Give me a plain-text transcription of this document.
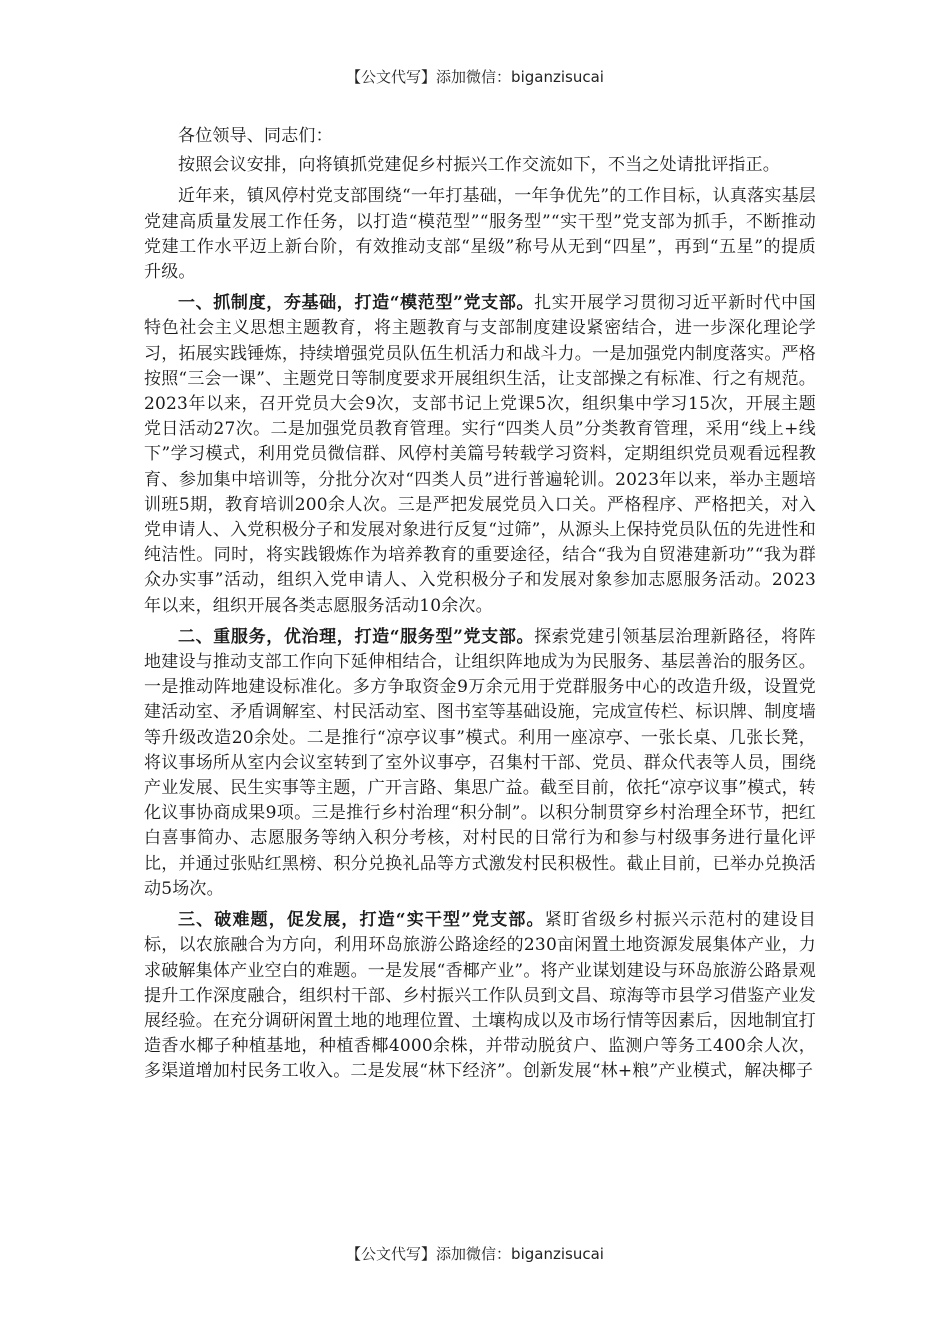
【公文代写】添加微信：biganzisucai

各位领导、同志们：

按照会议安排，向将镇抓党建促乡村振兴工作交流如下，不当之处请批评指正。

近年来，镇风停村党支部围绕“一年打基础，一年争优先”的工作目标，认真落实基层党建高质量发展工作任务，以打造“模范型”“服务型”“实干型”党支部为抓手，不断推动党建工作水平迈上新台阶，有效推动支部“星级”称号从无到“四星”，再到“五星”的提质升级。

一、抓制度，夯基础，打造“模范型”党支部。扎实开展学习贯彻习近平新时代中国特色社会主义思想主题教育，将主题教育与支部制度建设紧密结合，进一步深化理论学习，拓展实践锤炼，持续增强党员队伍生机活力和战斗力。一是加强党内制度落实。严格按照“三会一课”、主题党日等制度要求开展组织生活，让支部操之有标准、行之有规范。2023年以来，召开党员大会9次，支部书记上党课5次，组织集中学习15次，开展主题党日活动27次。二是加强党员教育管理。实行“四类人员”分类教育管理，采用“线上+线下”学习模式，利用党员微信群、风停村美篇号转载学习资料，定期组织党员观看远程教育、参加集中培训等，分批分次对“四类人员”进行普遍轮训。2023年以来，举办主题培训班5期，教育培训200余人次。三是严把发展党员入口关。严格程序、严格把关，对入党申请人、入党积极分子和发展对象进行反复“过筛”，从源头上保持党员队伍的先进性和纯洁性。同时，将实践锻炼作为培养教育的重要途径，结合“我为自贸港建新功”“我为群众办实事”活动，组织入党申请人、入党积极分子和发展对象参加志愿服务活动。2023年以来，组织开展各类志愿服务活动10余次。

二、重服务，优治理，打造“服务型”党支部。探索党建引领基层治理新路径，将阵地建设与推动支部工作向下延伸相结合，让组织阵地成为为民服务、基层善治的服务区。一是推动阵地建设标准化。多方争取资金9万余元用于党群服务中心的改造升级，设置党建活动室、矛盾调解室、村民活动室、图书室等基础设施，完成宣传栏、标识牌、制度墙等升级改造20余处。二是推行“凉亭议事”模式。利用一座凉亭、一张长桌、几张长凳，将议事场所从室内会议室转到了室外议事亭，召集村干部、党员、群众代表等人员，围绕产业发展、民生实事等主题，广开言路、集思广益。截至目前，依托“凉亭议事”模式，转化议事协商成果9项。三是推行乡村治理“积分制”。以积分制贯穿乡村治理全环节，把红白喜事简办、志愿服务等纳入积分考核，对村民的日常行为和参与村级事务进行量化评比，并通过张贴红黑榜、积分兑换礼品等方式激发村民积极性。截止目前，已举办兑换活动5场次。

三、破难题，促发展，打造“实干型”党支部。紧盯省级乡村振兴示范村的建设目标，以农旅融合为方向，利用环岛旅游公路途经的230亩闲置土地资源发展集体产业，力求破解集体产业空白的难题。一是发展“香椰产业”。将产业谋划建设与环岛旅游公路景观提升工作深度融合，组织村干部、乡村振兴工作队员到文昌、琼海等市县学习借鉴产业发展经验。在充分调研闲置土地的地理位置、土壤构成以及市场行情等因素后，因地制宜打造香水椰子种植基地，种植香椰4000余株，并带动脱贫户、监测户等务工400余人次，多渠道增加村民务工收入。二是发展“林下经济”。创新发展“林+粮”产业模式，解决椰子

【公文代写】添加微信：biganzisucai
